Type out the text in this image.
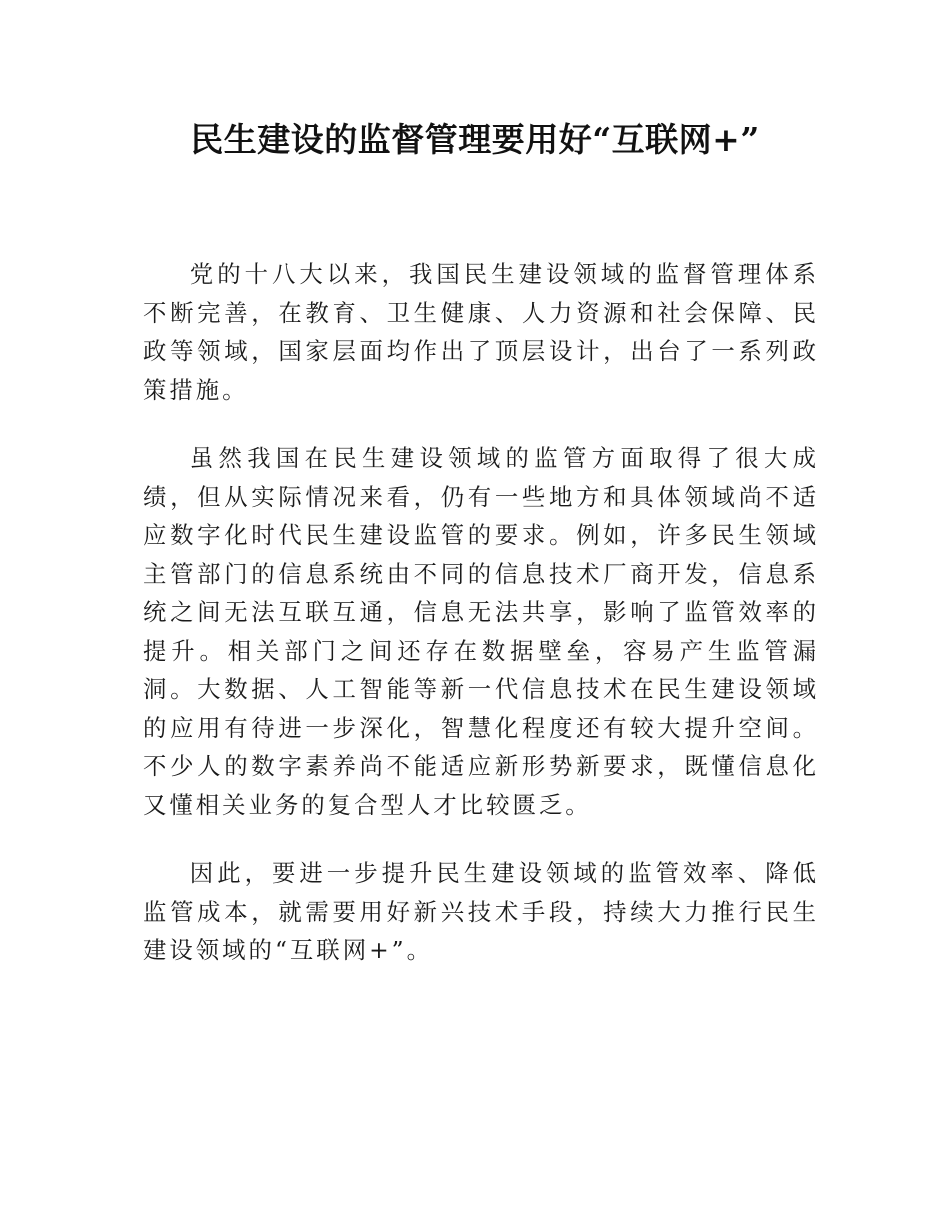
民生建设的监督管理要用好“互联网+”

党的十八大以来，我国民生建设领域的监督管理体系不断完善，在教育、卫生健康、人力资源和社会保障、民政等领域，国家层面均作出了顶层设计，出台了一系列政策措施。

虽然我国在民生建设领域的监管方面取得了很大成绩，但从实际情况来看，仍有一些地方和具体领域尚不适应数字化时代民生建设监管的要求。例如，许多民生领域主管部门的信息系统由不同的信息技术厂商开发，信息系统之间无法互联互通，信息无法共享，影响了监管效率的提升。相关部门之间还存在数据壁垒，容易产生监管漏洞。大数据、人工智能等新一代信息技术在民生建设领域的应用有待进一步深化，智慧化程度还有较大提升空间。不少人的数字素养尚不能适应新形势新要求，既懂信息化又懂相关业务的复合型人才比较匮乏。

因此，要进一步提升民生建设领域的监管效率、降低监管成本，就需要用好新兴技术手段，持续大力推行民生建设领域的“互联网+”。
